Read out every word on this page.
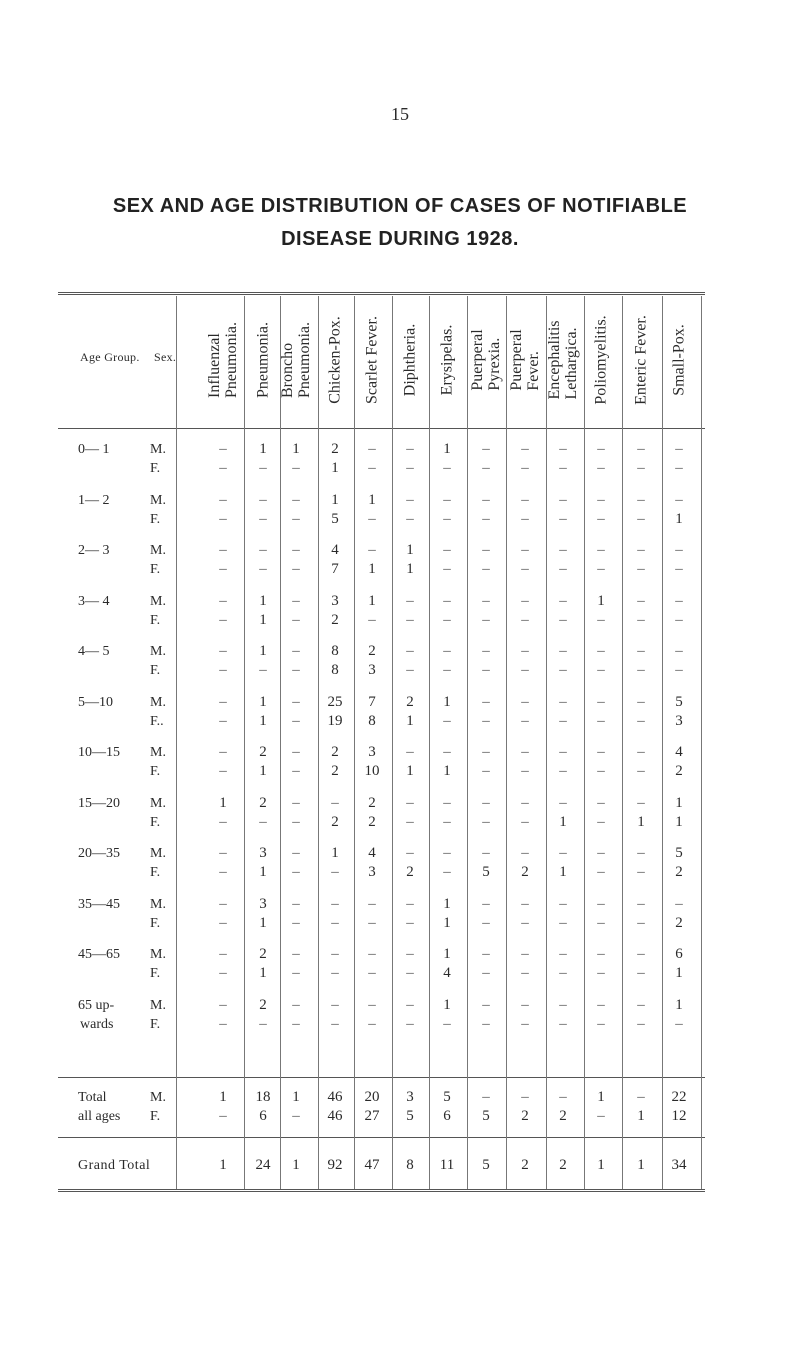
15
SEX AND AGE DISTRIBUTION OF CASES OF NOTIFIABLE
DISEASE DURING 1928.
Age Group. Sex. Influenzal
Pneumonia. Pneumonia. Broncho
Pneumonia. Chicken-Pox. Scarlet Fever. Diphtheria. Erysipelas. Puerperal
Pyrexia. Puerperal
Fever. Encephalitis
Lethargica. Poliomyelitis. Enteric Fever. Small-Pox.
0— 1	M.	–	1	1	2	–	–	1	–	–	–	–	–	–
F.	–	–	–	1	–	–	–	–	–	–	–	–	–
1— 2	M.	–	–	–	1	1	–	–	–	–	–	–	–	–
F.	–	–	–	5	–	–	–	–	–	–	–	–	1
2— 3	M.	–	–	–	4	–	1	–	–	–	–	–	–	–
F.	–	–	–	7	1	1	–	–	–	–	–	–	–
3— 4	M.	–	1	–	3	1	–	–	–	–	–	1	–	–
F.	–	1	–	2	–	–	–	–	–	–	–	–	–
4— 5	M.	–	1	–	8	2	–	–	–	–	–	–	–	–
F.	–	–	–	8	3	–	–	–	–	–	–	–	–
5—10	M.	–	1	–	25	7	2	1	–	–	–	–	–	5
F..	–	1	–	19	8	1	–	–	–	–	–	–	3
10—15 M.	–	2	–	2	3	–	–	–	–	–	–	–	4
F.	–	1	–	2	10	1	1	–	–	–	–	–	2
15—20 M.	1	2	–	–	2	–	–	–	–	–	–	–	1
F.	–	–	–	2	2	–	–	–	–	1	–	1	1
20—35 M.	–	3	–	1	4	–	–	–	–	–	–	–	5
F.	–	1	–	–	3	2	–	5	2	1	–	–	2
35—45 M.	–	3	–	–	–	–	1	–	–	–	–	–	–
F.	–	1	–	–	–	–	1	–	–	–	–	–	2
45—65 M.	–	2	–	–	–	–	1	–	–	–	–	–	6
F.	–	1	–	–	–	–	4	–	–	–	–	–	1
65 up-	M.	–	2	–	–	–	–	1	–	–	–	–	–	1
wards	F.	–	–	–	–	–	–	–	–	–	–	–	–	–
Total	M.	1	18	1	46	20	3	5	–	–	–	1	–	22
all ages F.	–	6	–	46	27	5	6	5	2	2	–	1	12
Grand Total	1	24	1	92	47	8	11	5	2	2	1	1	34
